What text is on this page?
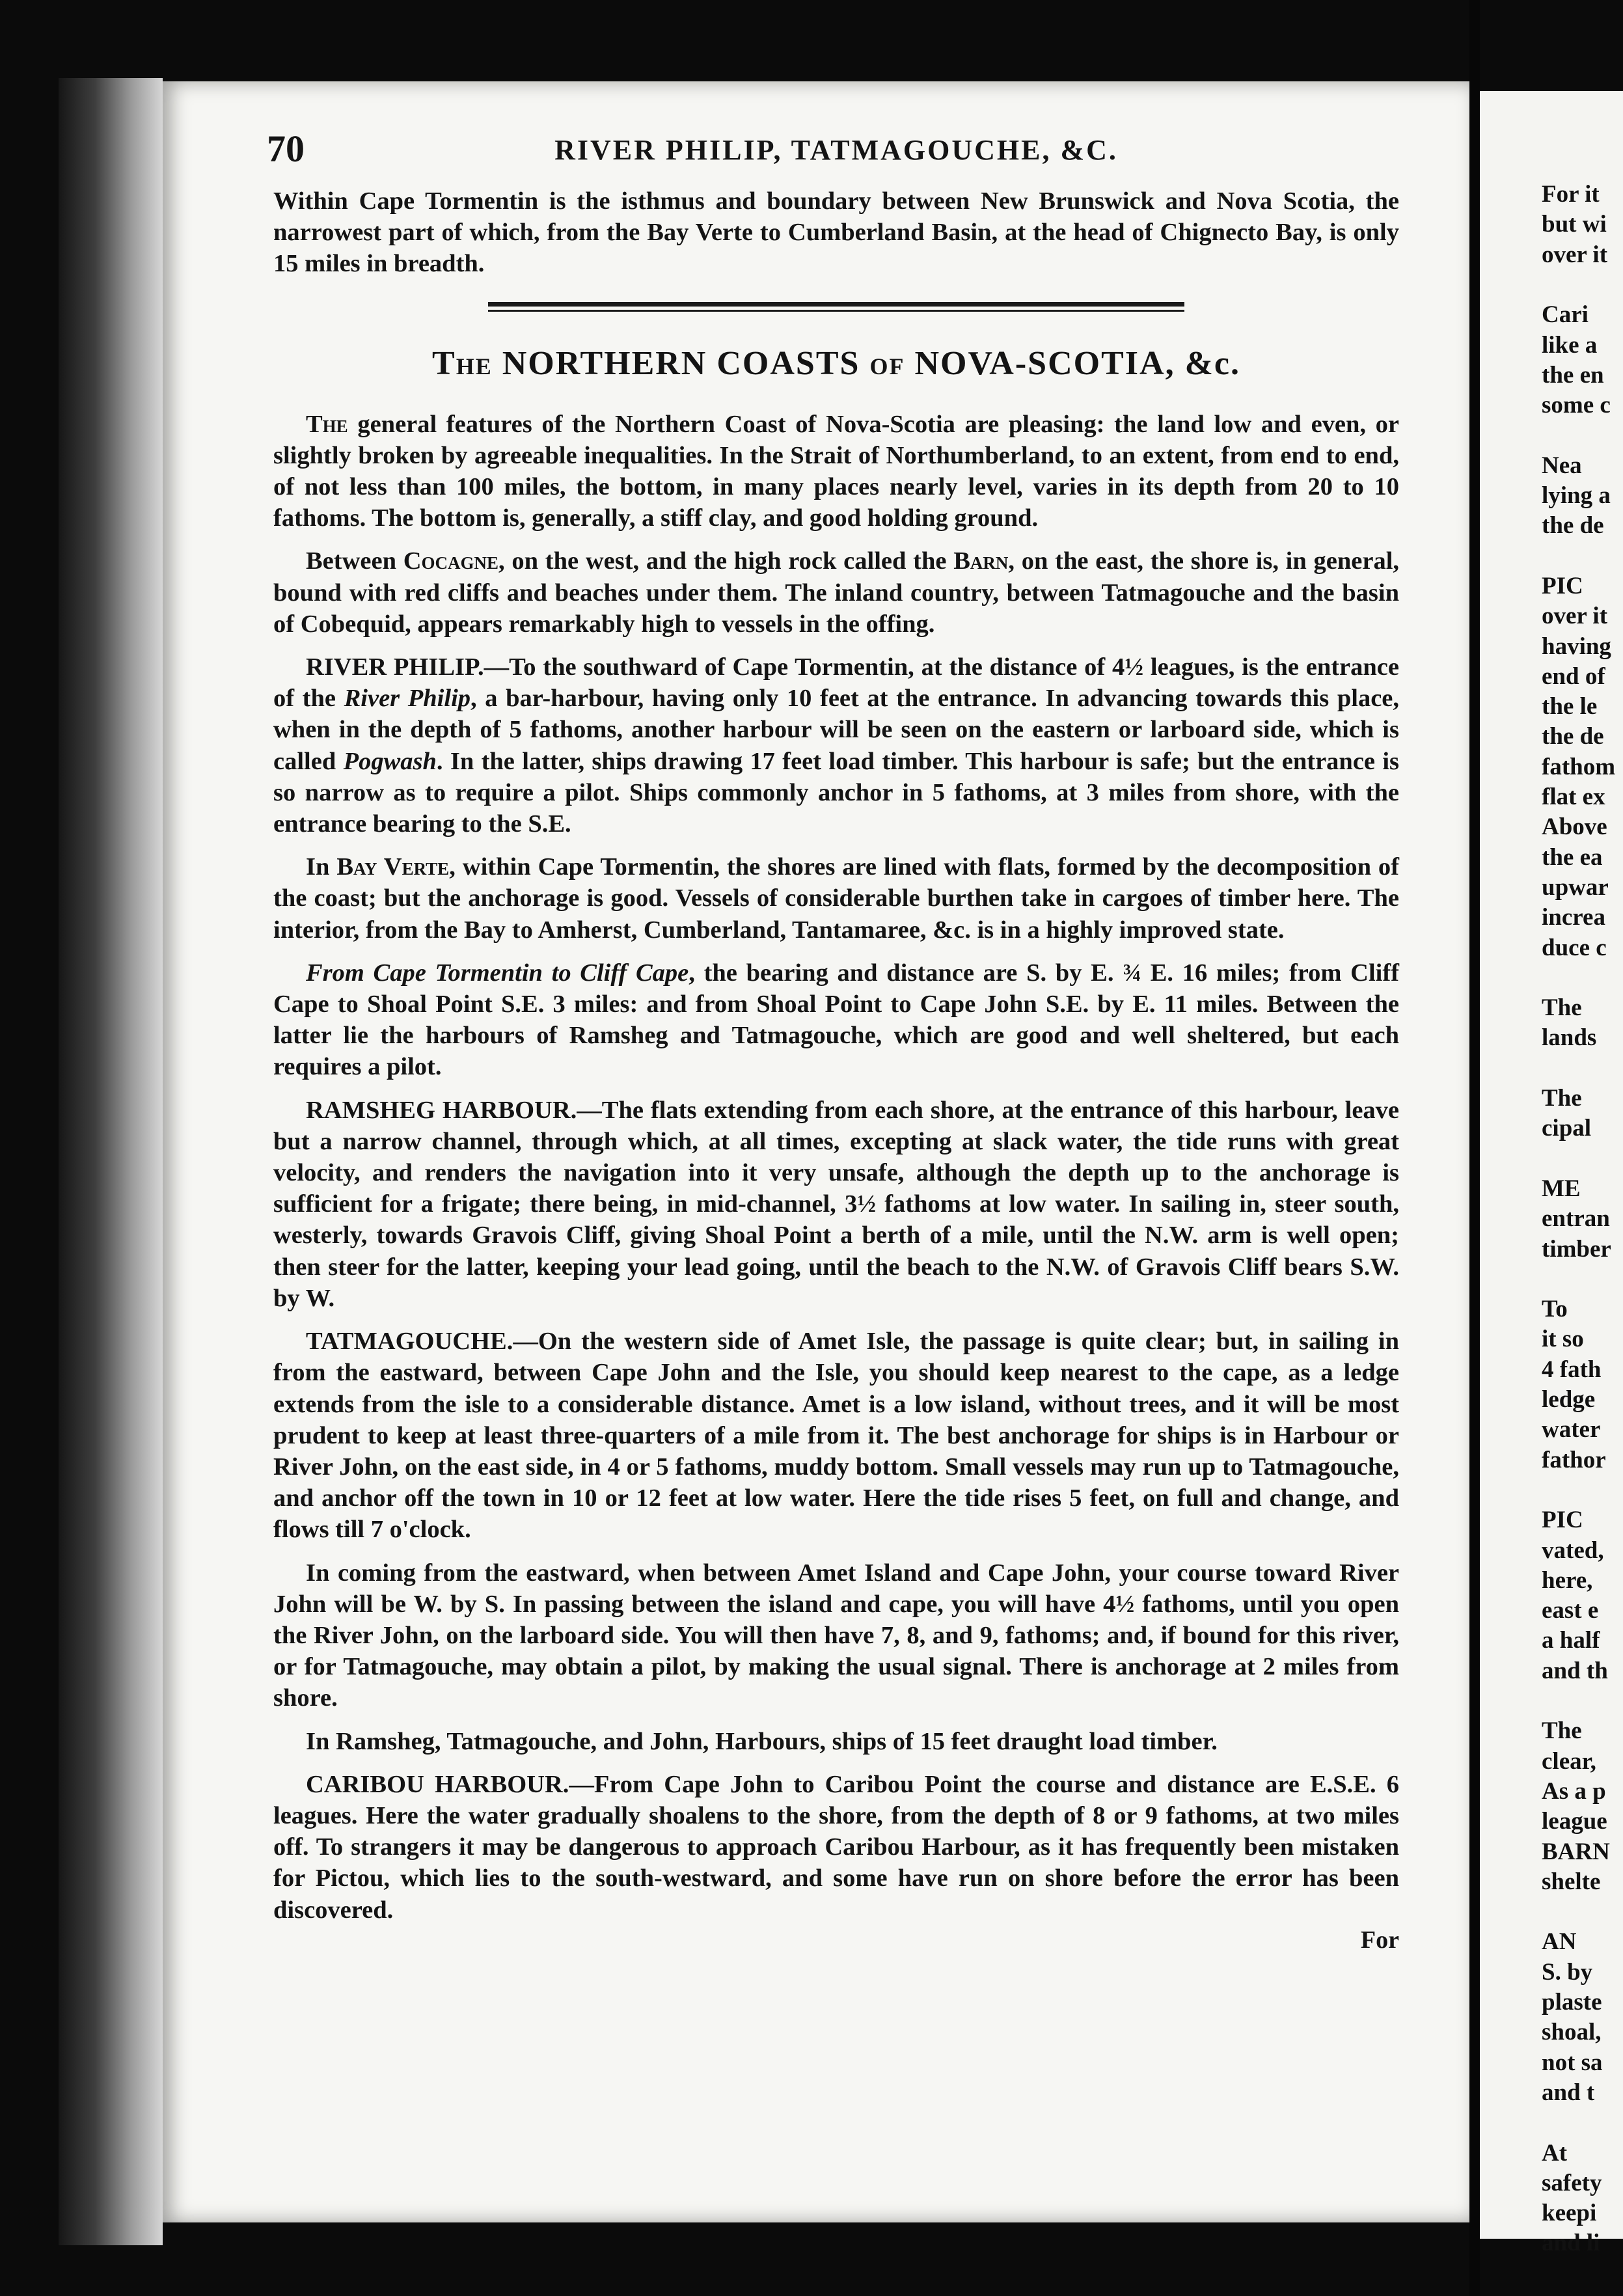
70	RIVER PHILIP, TATMAGOUCHE, &C.

Within Cape Tormentin is the isthmus and boundary between New Brunswick and Nova Scotia, the narrowest part of which, from the Bay Verte to Cumberland Basin, at the head of Chignecto Bay, is only 15 miles in breadth.

The NORTHERN COASTS of NOVA-SCOTIA, &c.

The general features of the Northern Coast of Nova-Scotia are pleasing: the land low and even, or slightly broken by agreeable inequalities. In the Strait of Northumberland, to an extent, from end to end, of not less than 100 miles, the bottom, in many places nearly level, varies in its depth from 20 to 10 fathoms. The bottom is, generally, a stiff clay, and good holding ground.

Between Cocagne, on the west, and the high rock called the Barn, on the east, the shore is, in general, bound with red cliffs and beaches under them. The inland country, between Tatmagouche and the basin of Cobequid, appears remarkably high to vessels in the offing.

RIVER PHILIP.—To the southward of Cape Tormentin, at the distance of 4½ leagues, is the entrance of the River Philip, a bar-harbour, having only 10 feet at the entrance. In advancing towards this place, when in the depth of 5 fathoms, another harbour will be seen on the eastern or larboard side, which is called Pogwash. In the latter, ships drawing 17 feet load timber. This harbour is safe; but the entrance is so narrow as to require a pilot. Ships commonly anchor in 5 fathoms, at 3 miles from shore, with the entrance bearing to the S.E.

In Bay Verte, within Cape Tormentin, the shores are lined with flats, formed by the decomposition of the coast; but the anchorage is good. Vessels of considerable burthen take in cargoes of timber here. The interior, from the Bay to Amherst, Cumberland, Tantamaree, &c. is in a highly improved state.

From Cape Tormentin to Cliff Cape, the bearing and distance are S. by E. ¾ E. 16 miles; from Cliff Cape to Shoal Point S.E. 3 miles: and from Shoal Point to Cape John S.E. by E. 11 miles. Between the latter lie the harbours of Ramsheg and Tatmagouche, which are good and well sheltered, but each requires a pilot.

RAMSHEG HARBOUR.—The flats extending from each shore, at the entrance of this harbour, leave but a narrow channel, through which, at all times, excepting at slack water, the tide runs with great velocity, and renders the navigation into it very unsafe, although the depth up to the anchorage is sufficient for a frigate; there being, in mid-channel, 3½ fathoms at low water. In sailing in, steer south, westerly, towards Gravois Cliff, giving Shoal Point a berth of a mile, until the N.W. arm is well open; then steer for the latter, keeping your lead going, until the beach to the N.W. of Gravois Cliff bears S.W. by W.

TATMAGOUCHE.—On the western side of Amet Isle, the passage is quite clear; but, in sailing in from the eastward, between Cape John and the Isle, you should keep nearest to the cape, as a ledge extends from the isle to a considerable distance. Amet is a low island, without trees, and it will be most prudent to keep at least three-quarters of a mile from it. The best anchorage for ships is in Harbour or River John, on the east side, in 4 or 5 fathoms, muddy bottom. Small vessels may run up to Tatmagouche, and anchor off the town in 10 or 12 feet at low water. Here the tide rises 5 feet, on full and change, and flows till 7 o'clock.

In coming from the eastward, when between Amet Island and Cape John, your course toward River John will be W. by S. In passing between the island and cape, you will have 4½ fathoms, until you open the River John, on the larboard side. You will then have 7, 8, and 9, fathoms; and, if bound for this river, or for Tatmagouche, may obtain a pilot, by making the usual signal. There is anchorage at 2 miles from shore.

In Ramsheg, Tatmagouche, and John, Harbours, ships of 15 feet draught load timber.

CARIBOU HARBOUR.—From Cape John to Caribou Point the course and distance are E.S.E. 6 leagues. Here the water gradually shoalens to the shore, from the depth of 8 or 9 fathoms, at two miles off. To strangers it may be dangerous to approach Caribou Harbour, as it has frequently been mistaken for Pictou, which lies to the south-westward, and some have run on shore before the error has been discovered.

For
For it
but wi
over it
Cari
like a
the en
some c
Nea
lying a
the de
PIC
over it
having
end of
the le
the de
fathom
flat ex
Above
the ea
upwar
increa
duce c
The
lands
The
cipal
ME
entran
timber
To
it so
4 fath
ledge
water
fathor
PIC
vated,
here,
east e
a half
and th
The
clear,
As a p
league
BARN
shelte
AN
S. by
plaste
shoal,
not sa
and t
At
safety
keepi
and li
